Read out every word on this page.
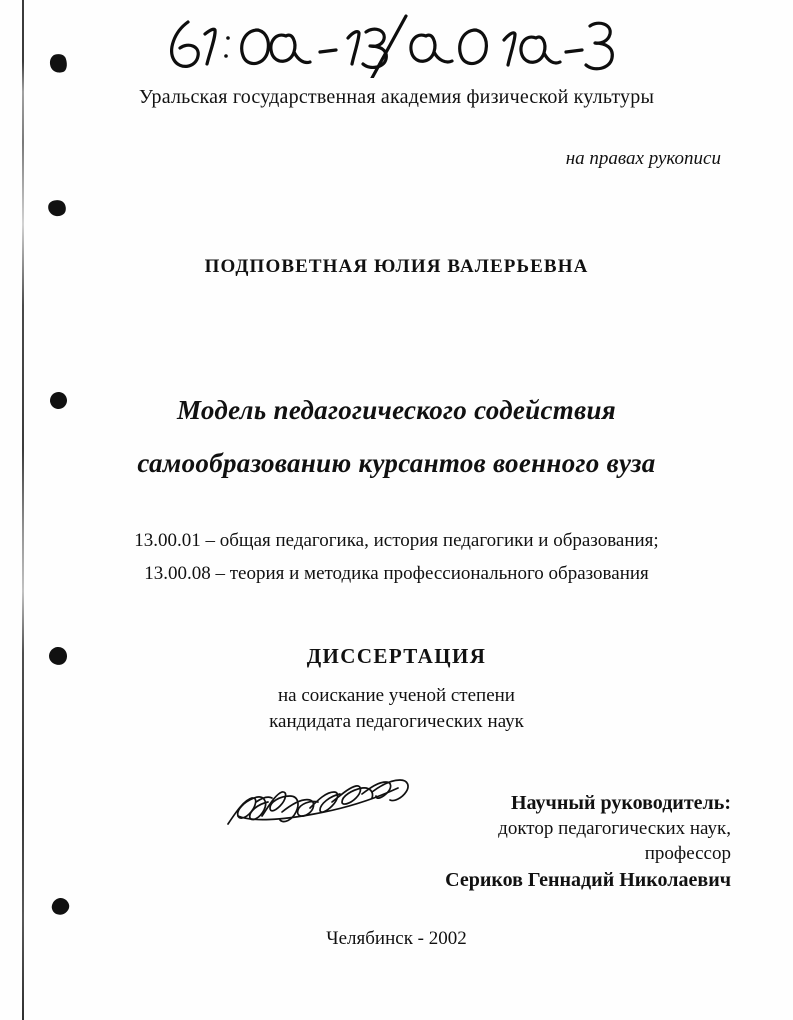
Уральская государственная академия физической культуры
на правах рукописи
ПОДПОВЕТНАЯ ЮЛИЯ ВАЛЕРЬЕВНА
Модель педагогического содействия
самообразованию курсантов военного вуза
13.00.01 – общая педагогика, история педагогики и образования;
13.00.08 – теория и методика профессионального образования
ДИССЕРТАЦИЯ
на соискание ученой степени
кандидата педагогических наук
Научный руководитель:
доктор педагогических наук,
профессор
Сериков Геннадий Николаевич
Челябинск - 2002
